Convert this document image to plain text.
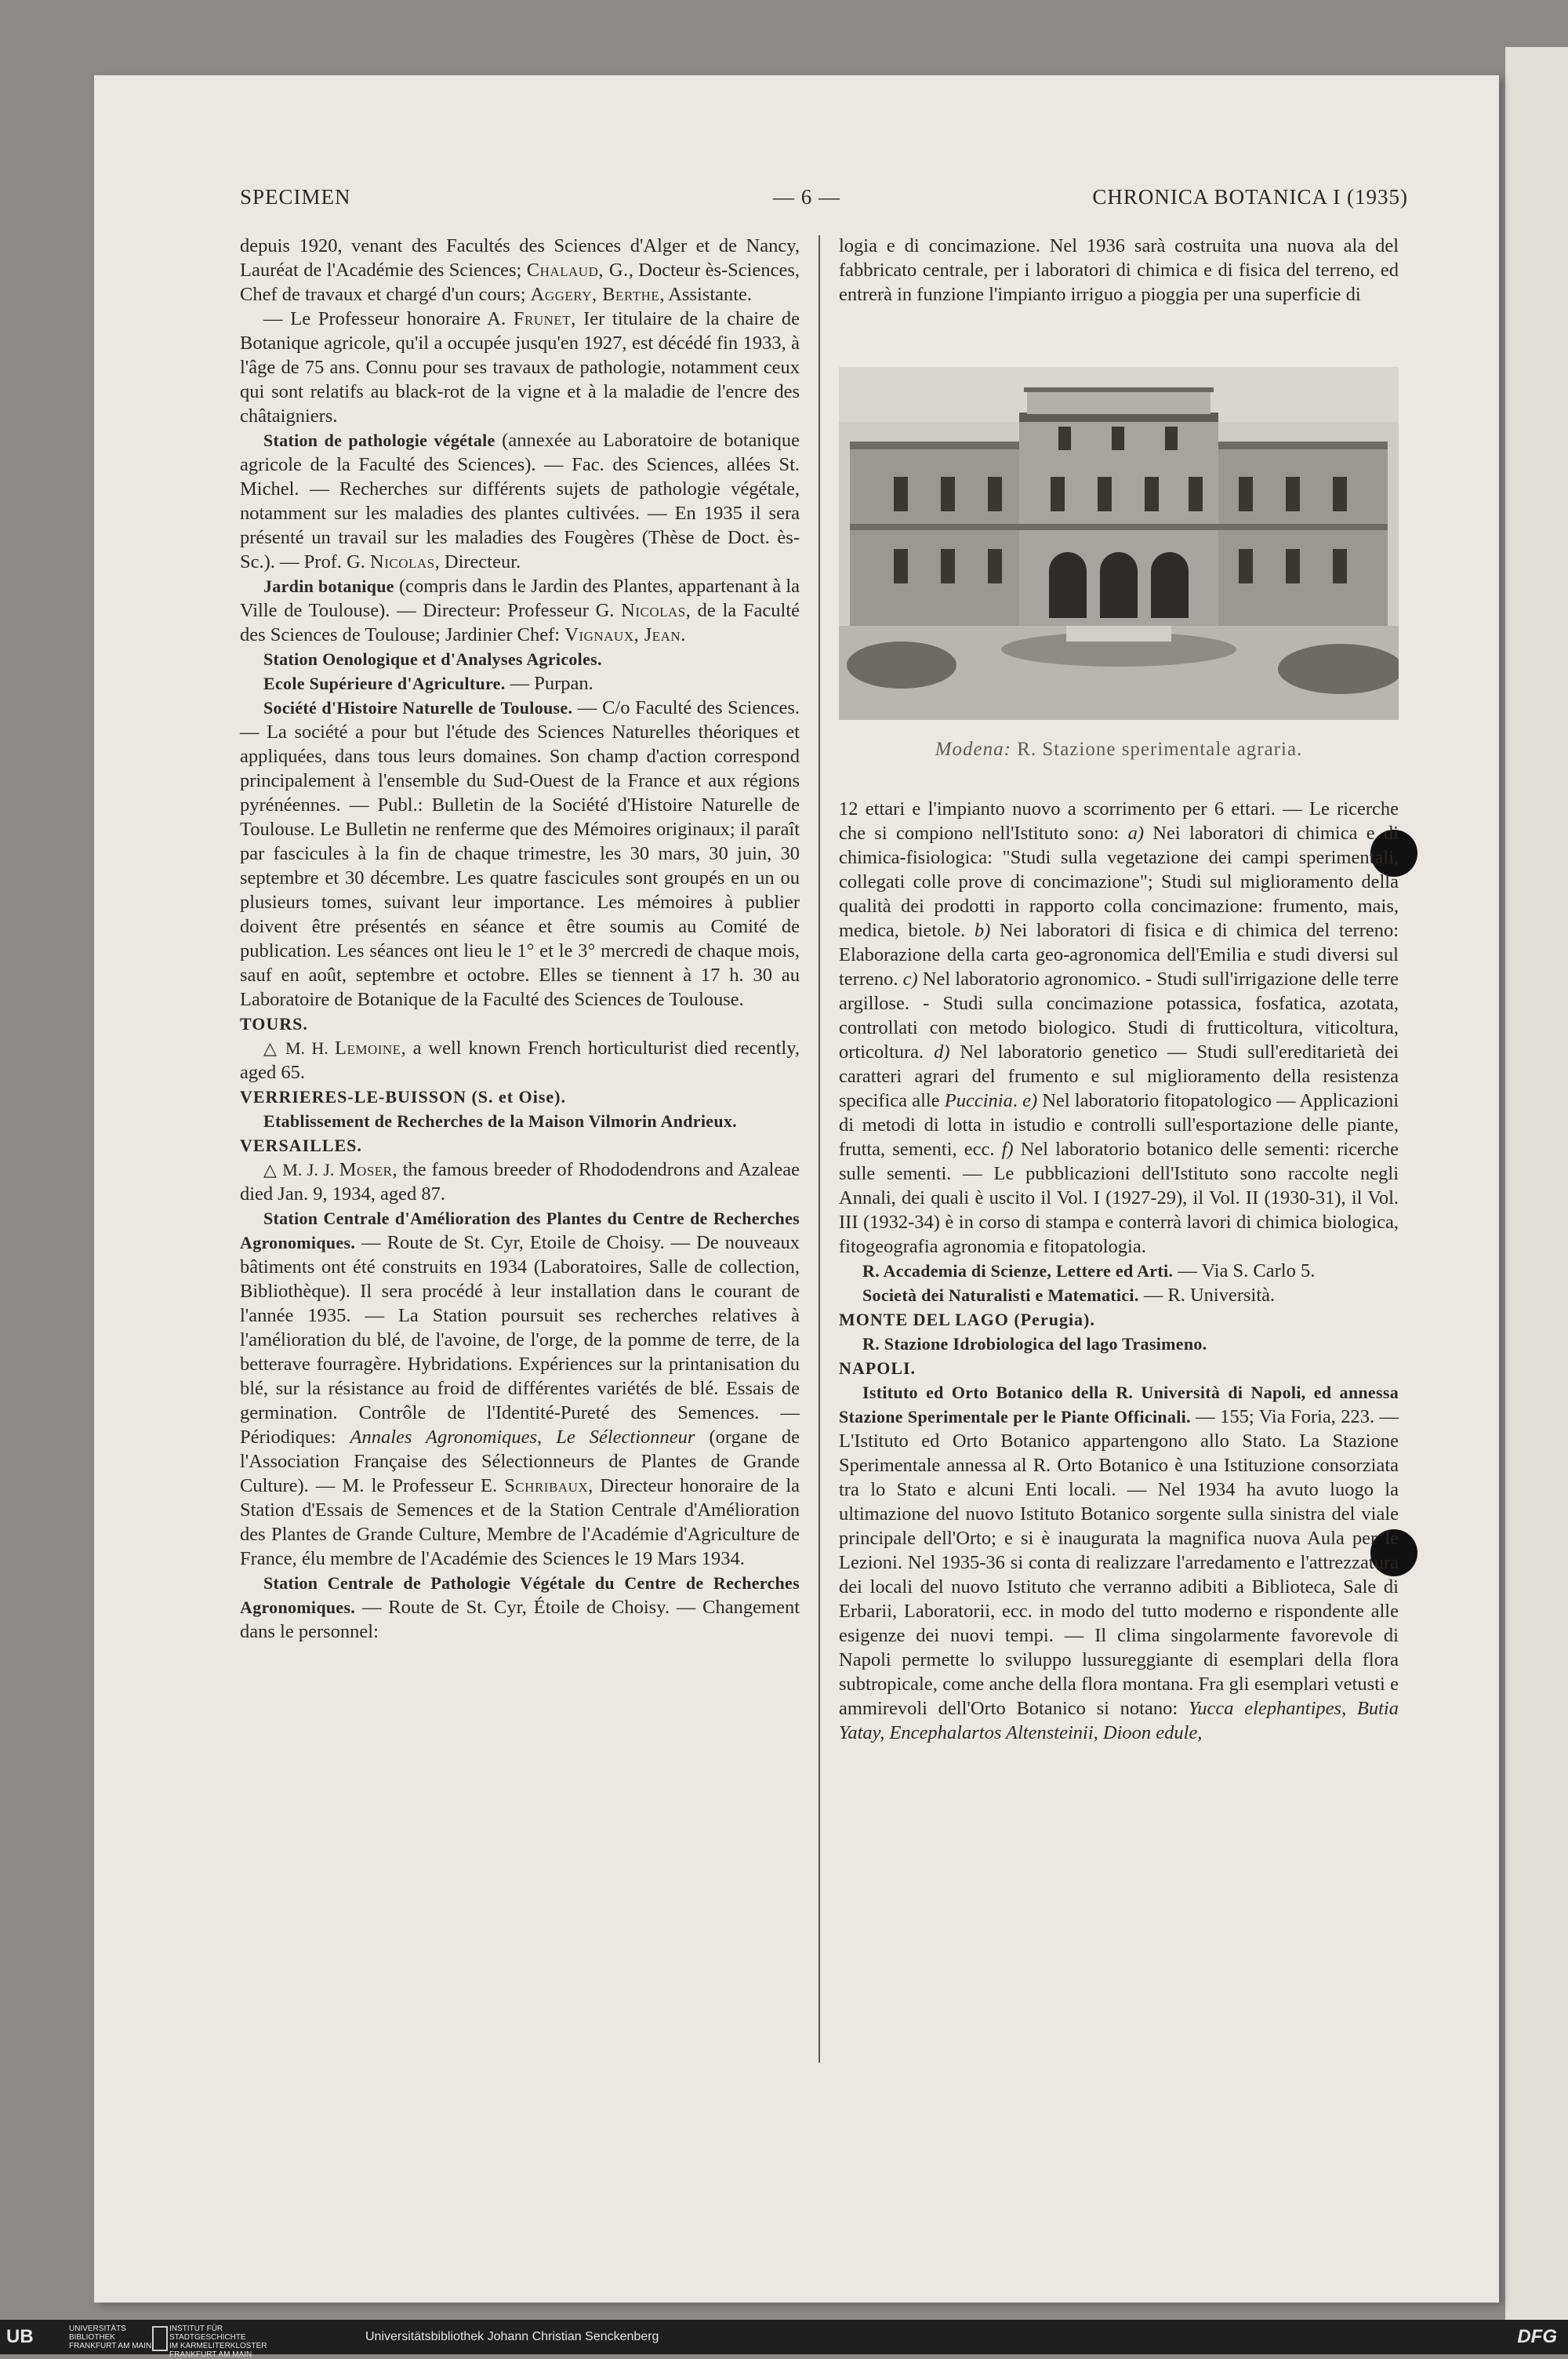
SPECIMEN	— 6 —	CHRONICA BOTANICA I (1935)

depuis 1920, venant des Facultés des Sciences d'Alger et de Nancy, Lauréat de l'Académie des Sciences; Chalaud, G., Docteur ès-Sciences, Chef de travaux et chargé d'un cours; Aggery, Berthe, Assistante.

— Le Professeur honoraire A. Frunet, Ier titulaire de la chaire de Botanique agricole, qu'il a occupée jusqu'en 1927, est décédé fin 1933, à l'âge de 75 ans. Connu pour ses travaux de pathologie, notamment ceux qui sont relatifs au black-rot de la vigne et à la maladie de l'encre des châtaigniers.

Station de pathologie végétale (annexée au Laboratoire de botanique agricole de la Faculté des Sciences). — Fac. des Sciences, allées St. Michel. — Recherches sur différents sujets de pathologie végétale, notamment sur les maladies des plantes cultivées. — En 1935 il sera présenté un travail sur les maladies des Fougères (Thèse de Doct. ès-Sc.). — Prof. G. Nicolas, Directeur.

Jardin botanique (compris dans le Jardin des Plantes, appartenant à la Ville de Toulouse). — Directeur: Professeur G. Nicolas, de la Faculté des Sciences de Toulouse; Jardinier Chef: Vignaux, Jean.

Station Oenologique et d'Analyses Agricoles.

Ecole Supérieure d'Agriculture. — Purpan.

Société d'Histoire Naturelle de Toulouse. — C/o Faculté des Sciences. — La société a pour but l'étude des Sciences Naturelles théoriques et appliquées, dans tous leurs domaines. Son champ d'action correspond principalement à l'ensemble du Sud-Ouest de la France et aux régions pyrénéennes. — Publ.: Bulletin de la Société d'Histoire Naturelle de Toulouse. Le Bulletin ne renferme que des Mémoires originaux; il paraît par fascicules à la fin de chaque trimestre, les 30 mars, 30 juin, 30 septembre et 30 décembre. Les quatre fascicules sont groupés en un ou plusieurs tomes, suivant leur importance. Les mémoires à publier doivent être présentés en séance et être soumis au Comité de publication. Les séances ont lieu le 1° et le 3° mercredi de chaque mois, sauf en août, septembre et octobre. Elles se tiennent à 17 h. 30 au Laboratoire de Botanique de la Faculté des Sciences de Toulouse.

TOURS.

△ M. H. Lemoine, a well known French horticulturist died recently, aged 65.

VERRIERES-LE-BUISSON (S. et Oise).

Etablissement de Recherches de la Maison Vilmorin Andrieux.

VERSAILLES.

△ M. J. J. Moser, the famous breeder of Rhododendrons and Azaleae died Jan. 9, 1934, aged 87.

Station Centrale d'Amélioration des Plantes du Centre de Recherches Agronomiques. — Route de St. Cyr, Etoile de Choisy. — De nouveaux bâtiments ont été construits en 1934 (Laboratoires, Salle de collection, Bibliothèque). Il sera procédé à leur installation dans le courant de l'année 1935. — La Station poursuit ses recherches relatives à l'amélioration du blé, de l'avoine, de l'orge, de la pomme de terre, de la betterave fourragère. Hybridations. Expériences sur la printanisation du blé, sur la résistance au froid de différentes variétés de blé. Essais de germination. Contrôle de l'Identité-Pureté des Semences. — Périodiques: Annales Agronomiques, Le Sélectionneur (organe de l'Association Française des Sélectionneurs de Plantes de Grande Culture). — M. le Professeur E. Schribaux, Directeur honoraire de la Station d'Essais de Semences et de la Station Centrale d'Amélioration des Plantes de Grande Culture, Membre de l'Académie d'Agriculture de France, élu membre de l'Académie des Sciences le 19 Mars 1934.

Station Centrale de Pathologie Végétale du Centre de Recherches Agronomiques. — Route de St. Cyr, Étoile de Choisy. — Changement dans le personnel:

logia e di concimazione. Nel 1936 sarà costruita una nuova ala del fabbricato centrale, per i laboratori di chimica e di fisica del terreno, ed entrerà in funzione l'impianto irriguo a pioggia per una superficie di

Modena: R. Stazione sperimentale agraria.

12 ettari e l'impianto nuovo a scorrimento per 6 ettari. — Le ricerche che si compiono nell'Istituto sono: a) Nei laboratori di chimica e di chimica-fisiologica: "Studi sulla vegetazione dei campi sperimentali, collegati colle prove di concimazione"; Studi sul miglioramento della qualità dei prodotti in rapporto colla concimazione: frumento, mais, medica, bietole. b) Nei laboratori di fisica e di chimica del terreno: Elaborazione della carta geo-agronomica dell'Emilia e studi diversi sul terreno. c) Nel laboratorio agronomico. - Studi sull'irrigazione delle terre argillose. - Studi sulla concimazione potassica, fosfatica, azotata, controllati con metodo biologico. Studi di frutticoltura, viticoltura, orticoltura. d) Nel laboratorio genetico — Studi sull'ereditarietà dei caratteri agrari del frumento e sul miglioramento della resistenza specifica alle Puccinia. e) Nel laboratorio fitopatologico — Applicazioni di metodi di lotta in istudio e controlli sull'esportazione delle piante, frutta, sementi, ecc. f) Nel laboratorio botanico delle sementi: ricerche sulle sementi. — Le pubblicazioni dell'Istituto sono raccolte negli Annali, dei quali è uscito il Vol. I (1927-29), il Vol. II (1930-31), il Vol. III (1932-34) è in corso di stampa e conterrà lavori di chimica biologica, fitogeografia agronomia e fitopatologia.

R. Accademia di Scienze, Lettere ed Arti. — Via S. Carlo 5.

Società dei Naturalisti e Matematici. — R. Università.

MONTE DEL LAGO (Perugia).

R. Stazione Idrobiologica del lago Trasimeno.

NAPOLI.

Istituto ed Orto Botanico della R. Università di Napoli, ed annessa Stazione Sperimentale per le Piante Officinali. — 155; Via Foria, 223. — L'Istituto ed Orto Botanico appartengono allo Stato. La Stazione Sperimentale annessa al R. Orto Botanico è una Istituzione consorziata tra lo Stato e alcuni Enti locali. — Nel 1934 ha avuto luogo la ultimazione del nuovo Istituto Botanico sorgente sulla sinistra del viale principale dell'Orto; e si è inaugurata la magnifica nuova Aula per le Lezioni. Nel 1935-36 si conta di realizzare l'arredamento e l'attrezzatura dei locali del nuovo Istituto che verranno adibiti a Biblioteca, Sale di Erbarii, Laboratorii, ecc. in modo del tutto moderno e rispondente alle esigenze dei nuovi tempi. — Il clima singolarmente favorevole di Napoli permette lo sviluppo lussureggiante di esemplari della flora subtropicale, come anche della flora montana. Fra gli esemplari vetusti e ammirevoli dell'Orto Botanico si notano: Yucca elephantipes, Butia Yatay, Encephalartos Altensteinii, Dioon edule,

UB	UNIVERSITÄTS
BIBLIOTHEK
FRANKFURT AM MAIN
INSTITUT FÜR
STADTGESCHICHTE
IM KARMELITERKLOSTER
FRANKFURT AM MAIN
Universitätsbibliothek Johann Christian Senckenberg	DFG
